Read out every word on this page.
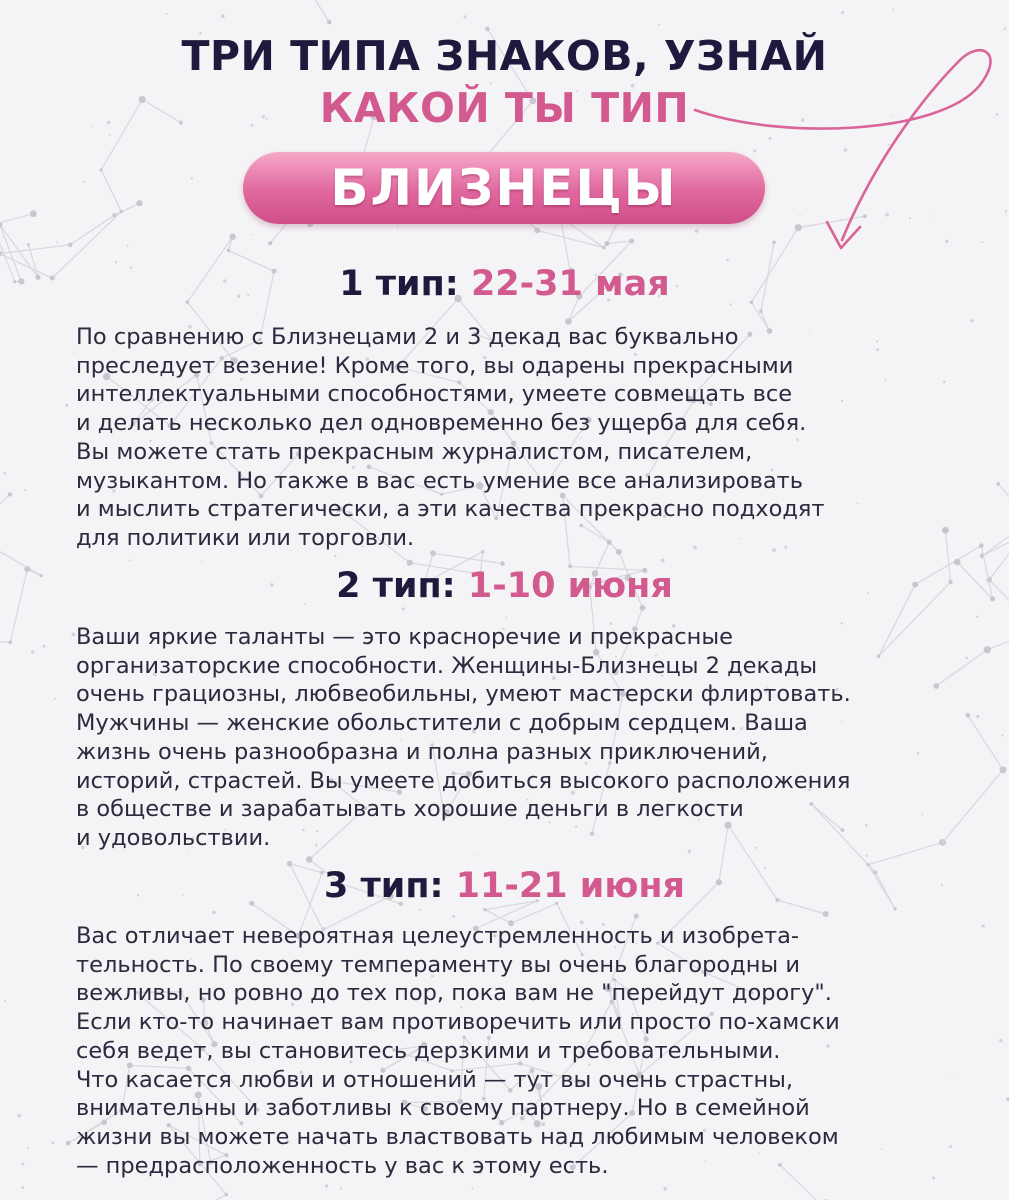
ТРИ ТИПА ЗНАКОВ, УЗНАЙ
КАКОЙ ТЫ ТИП
БЛИЗНЕЦЫ
1 тип: 22-31 мая
По сравнению с Близнецами 2 и 3 декад вас буквально
преследует везение! Кроме того, вы одарены прекрасными
интеллектуальными способностями, умеете совмещать все
и делать несколько дел одновременно без ущерба для себя.
Вы можете стать прекрасным журналистом, писателем,
музыкантом. Но также в вас есть умение все анализировать
и мыслить стратегически, а эти качества прекрасно подходят
для политики или торговли.
2 тип: 1-10 июня
Ваши яркие таланты — это красноречие и прекрасные
организаторские способности. Женщины-Близнецы 2 декады
очень грациозны, любвеобильны, умеют мастерски флиртовать.
Мужчины — женские обольстители с добрым сердцем. Ваша
жизнь очень разнообразна и полна разных приключений,
историй, страстей. Вы умеете добиться высокого расположения
в обществе и зарабатывать хорошие деньги в легкости
и удовольствии.
3 тип: 11-21 июня
Вас отличает невероятная целеустремленность и изобрета-
тельность. По своему темпераменту вы очень благородны и
вежливы, но ровно до тех пор, пока вам не "перейдут дорогу".
Если кто-то начинает вам противоречить или просто по-хамски
себя ведет, вы становитесь дерзкими и требовательными.
Что касается любви и отношений — тут вы очень страстны,
внимательны и заботливы к своему партнеру. Но в семейной
жизни вы можете начать властвовать над любимым человеком
— предрасположенность у вас к этому есть.
